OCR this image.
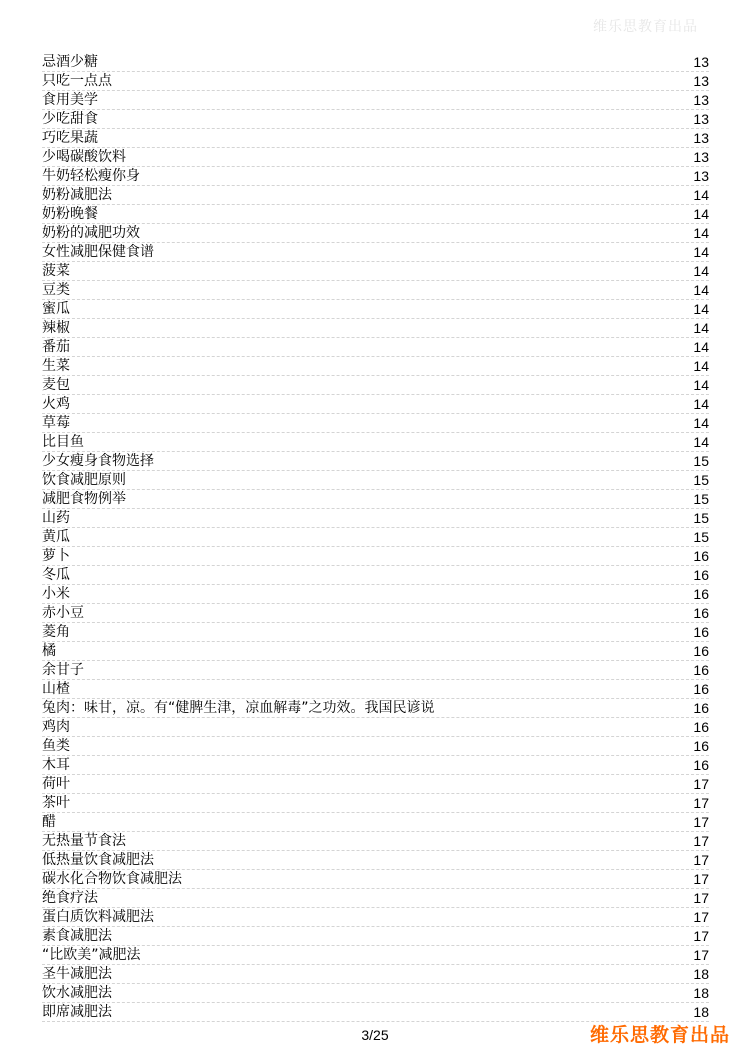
维乐思教育出品
忌酒少糖	13
只吃一点点	13
食用美学	13
少吃甜食	13
巧吃果蔬	13
少喝碳酸饮料	13
牛奶轻松瘦你身	13
奶粉减肥法	14
奶粉晚餐	14
奶粉的减肥功效	14
女性减肥保健食谱	14
菠菜	14
豆类	14
蜜瓜	14
辣椒	14
番茄	14
生菜	14
麦包	14
火鸡	14
草莓	14
比目鱼	14
少女瘦身食物选择	15
饮食减肥原则	15
减肥食物例举	15
山药	15
黄瓜	15
萝卜	16
冬瓜	16
小米	16
赤小豆	16
菱角	16
橘	16
余甘子	16
山楂	16
兔肉：味甘，凉。有“健脾生津，凉血解毒”之功效。我国民谚说	16
鸡肉	16
鱼类	16
木耳	16
荷叶	17
茶叶	17
醋	17
无热量节食法	17
低热量饮食减肥法	17
碳水化合物饮食减肥法	17
绝食疗法	17
蛋白质饮料减肥法	17
素食减肥法	17
“比欧美”减肥法	17
圣牛减肥法	18
饮水减肥法	18
即席减肥法	18
3/25	维乐思教育出品
